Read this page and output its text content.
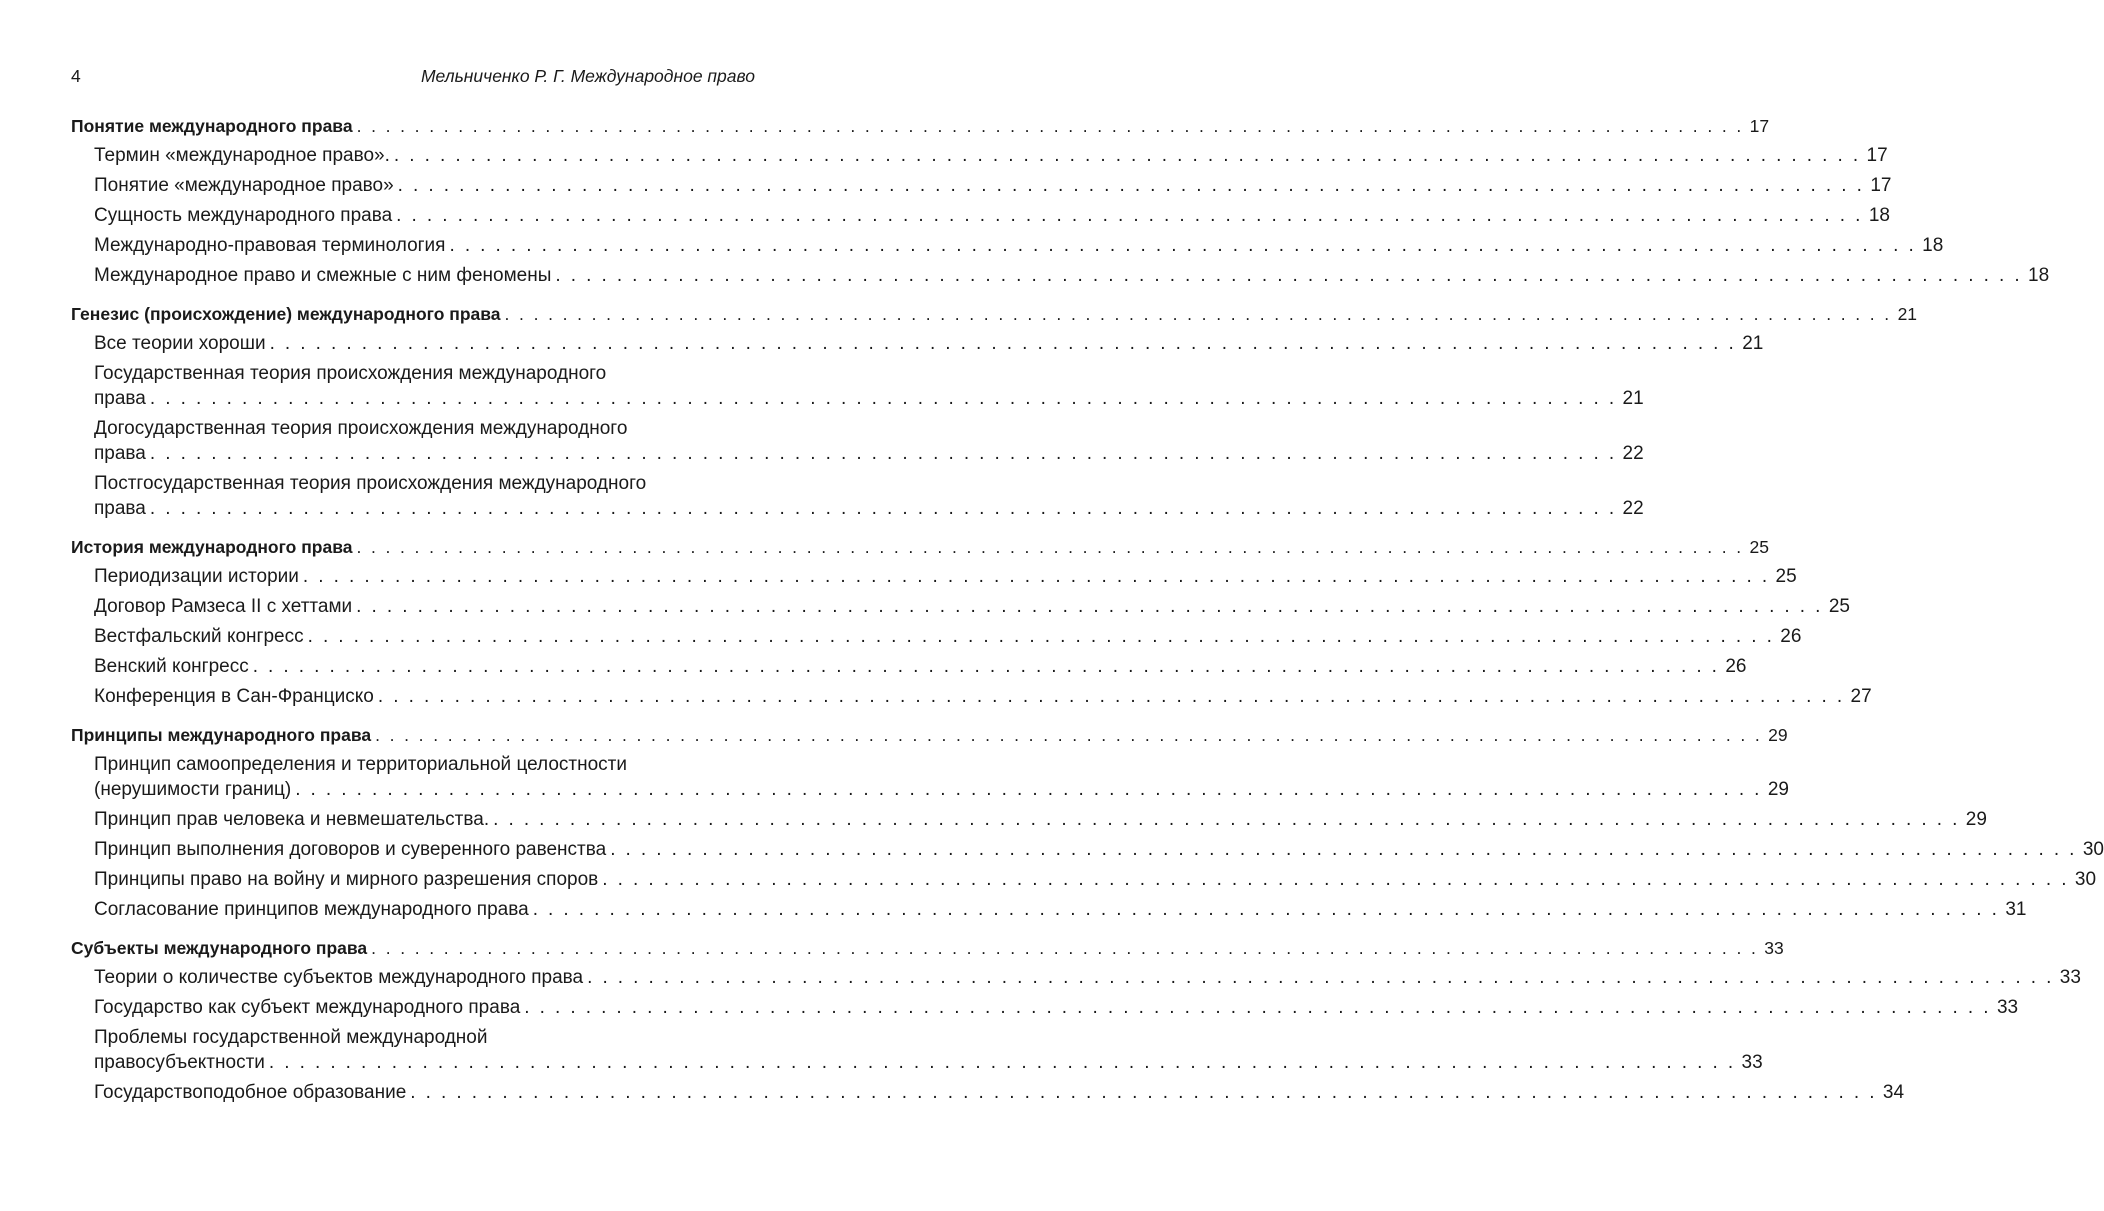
4	Мельниченко Р. Г. Международное право
Понятие международного права . . . . . . . . . . . . . . . . . . . . . . . . . . . . . . . . . . . . . . . . . . . . . . . . . . . . . . . . . . . . . . . . . . . . . . . . . . . . . . . . . . . . . . . . . . . . . . . . 17
Термин «международное право». . . . . . . . . . . . . . . . . . . . . . . . . . . . . . . . . . . . . . . . . . . . . . . . . . . . . . . . . . . . . . . . . . . . . . . . . . . . . . . . . . . . . . . . . . . . . . . . . 17
Понятие «международное право» . . . . . . . . . . . . . . . . . . . . . . . . . . . . . . . . . . . . . . . . . . . . . . . . . . . . . . . . . . . . . . . . . . . . . . . . . . . . . . . . . . . . . . . . . . . . . . . . 17
Сущность международного права . . . . . . . . . . . . . . . . . . . . . . . . . . . . . . . . . . . . . . . . . . . . . . . . . . . . . . . . . . . . . . . . . . . . . . . . . . . . . . . . . . . . . . . . . . . . . . . . 18
Международно-правовая терминология . . . . . . . . . . . . . . . . . . . . . . . . . . . . . . . . . . . . . . . . . . . . . . . . . . . . . . . . . . . . . . . . . . . . . . . . . . . . . . . . . . . . . . . . . . . . . . . . 18
Международное право и смежные с ним феномены . . . . . . . . . . . . . . . . . . . . . . . . . . . . . . . . . . . . . . . . . . . . . . . . . . . . . . . . . . . . . . . . . . . . . . . . . . . . . . . . . . . . . . . . . . . . . . . . 18
Генезис (происхождение) международного права . . . . . . . . . . . . . . . . . . . . . . . . . . . . . . . . . . . . . . . . . . . . . . . . . . . . . . . . . . . . . . . . . . . . . . . . . . . . . . . . . . . . . . . . . . . . . . . . 21
Все теории хороши . . . . . . . . . . . . . . . . . . . . . . . . . . . . . . . . . . . . . . . . . . . . . . . . . . . . . . . . . . . . . . . . . . . . . . . . . . . . . . . . . . . . . . . . . . . . . . . . 21
Государственная теория происхождения международного
права . . . . . . . . . . . . . . . . . . . . . . . . . . . . . . . . . . . . . . . . . . . . . . . . . . . . . . . . . . . . . . . . . . . . . . . . . . . . . . . . . . . . . . . . . . . . . . . . 21
Догосударственная теория происхождения международного
права . . . . . . . . . . . . . . . . . . . . . . . . . . . . . . . . . . . . . . . . . . . . . . . . . . . . . . . . . . . . . . . . . . . . . . . . . . . . . . . . . . . . . . . . . . . . . . . . 22
Постгосударственная теория происхождения международного
права . . . . . . . . . . . . . . . . . . . . . . . . . . . . . . . . . . . . . . . . . . . . . . . . . . . . . . . . . . . . . . . . . . . . . . . . . . . . . . . . . . . . . . . . . . . . . . . . 22
История международного права . . . . . . . . . . . . . . . . . . . . . . . . . . . . . . . . . . . . . . . . . . . . . . . . . . . . . . . . . . . . . . . . . . . . . . . . . . . . . . . . . . . . . . . . . . . . . . . . 25
Периодизации истории . . . . . . . . . . . . . . . . . . . . . . . . . . . . . . . . . . . . . . . . . . . . . . . . . . . . . . . . . . . . . . . . . . . . . . . . . . . . . . . . . . . . . . . . . . . . . . . . 25
Договор Рамзеса II с хеттами . . . . . . . . . . . . . . . . . . . . . . . . . . . . . . . . . . . . . . . . . . . . . . . . . . . . . . . . . . . . . . . . . . . . . . . . . . . . . . . . . . . . . . . . . . . . . . . . 25
Вестфальский конгресс . . . . . . . . . . . . . . . . . . . . . . . . . . . . . . . . . . . . . . . . . . . . . . . . . . . . . . . . . . . . . . . . . . . . . . . . . . . . . . . . . . . . . . . . . . . . . . . . 26
Венский конгресс . . . . . . . . . . . . . . . . . . . . . . . . . . . . . . . . . . . . . . . . . . . . . . . . . . . . . . . . . . . . . . . . . . . . . . . . . . . . . . . . . . . . . . . . . . . . . . . . 26
Конференция в Сан-Франциско . . . . . . . . . . . . . . . . . . . . . . . . . . . . . . . . . . . . . . . . . . . . . . . . . . . . . . . . . . . . . . . . . . . . . . . . . . . . . . . . . . . . . . . . . . . . . . . . 27
Принципы международного права . . . . . . . . . . . . . . . . . . . . . . . . . . . . . . . . . . . . . . . . . . . . . . . . . . . . . . . . . . . . . . . . . . . . . . . . . . . . . . . . . . . . . . . . . . . . . . . . 29
Принцип самоопределения и территориальной целостности
(нерушимости границ) . . . . . . . . . . . . . . . . . . . . . . . . . . . . . . . . . . . . . . . . . . . . . . . . . . . . . . . . . . . . . . . . . . . . . . . . . . . . . . . . . . . . . . . . . . . . . . . . 29
Принцип прав человека и невмешательства. . . . . . . . . . . . . . . . . . . . . . . . . . . . . . . . . . . . . . . . . . . . . . . . . . . . . . . . . . . . . . . . . . . . . . . . . . . . . . . . . . . . . . . . . . . . . . . . . 29
Принцип выполнения договоров и суверенного равенства . . . . . . . . . . . . . . . . . . . . . . . . . . . . . . . . . . . . . . . . . . . . . . . . . . . . . . . . . . . . . . . . . . . . . . . . . . . . . . . . . . . . . . . . . . . . . . . . 30
Принципы право на войну и мирного разрешения споров . . . . . . . . . . . . . . . . . . . . . . . . . . . . . . . . . . . . . . . . . . . . . . . . . . . . . . . . . . . . . . . . . . . . . . . . . . . . . . . . . . . . . . . . . . . . . . . . 30
Согласование принципов международного права . . . . . . . . . . . . . . . . . . . . . . . . . . . . . . . . . . . . . . . . . . . . . . . . . . . . . . . . . . . . . . . . . . . . . . . . . . . . . . . . . . . . . . . . . . . . . . . . 31
Субъекты международного права . . . . . . . . . . . . . . . . . . . . . . . . . . . . . . . . . . . . . . . . . . . . . . . . . . . . . . . . . . . . . . . . . . . . . . . . . . . . . . . . . . . . . . . . . . . . . . . . 33
Теории о количестве субъектов международного права . . . . . . . . . . . . . . . . . . . . . . . . . . . . . . . . . . . . . . . . . . . . . . . . . . . . . . . . . . . . . . . . . . . . . . . . . . . . . . . . . . . . . . . . . . . . . . . . 33
Государство как субъект международного права . . . . . . . . . . . . . . . . . . . . . . . . . . . . . . . . . . . . . . . . . . . . . . . . . . . . . . . . . . . . . . . . . . . . . . . . . . . . . . . . . . . . . . . . . . . . . . . . 33
Проблемы государственной международной
правосубъектности . . . . . . . . . . . . . . . . . . . . . . . . . . . . . . . . . . . . . . . . . . . . . . . . . . . . . . . . . . . . . . . . . . . . . . . . . . . . . . . . . . . . . . . . . . . . . . . . 33
Государствоподобное образование . . . . . . . . . . . . . . . . . . . . . . . . . . . . . . . . . . . . . . . . . . . . . . . . . . . . . . . . . . . . . . . . . . . . . . . . . . . . . . . . . . . . . . . . . . . . . . . . 34
